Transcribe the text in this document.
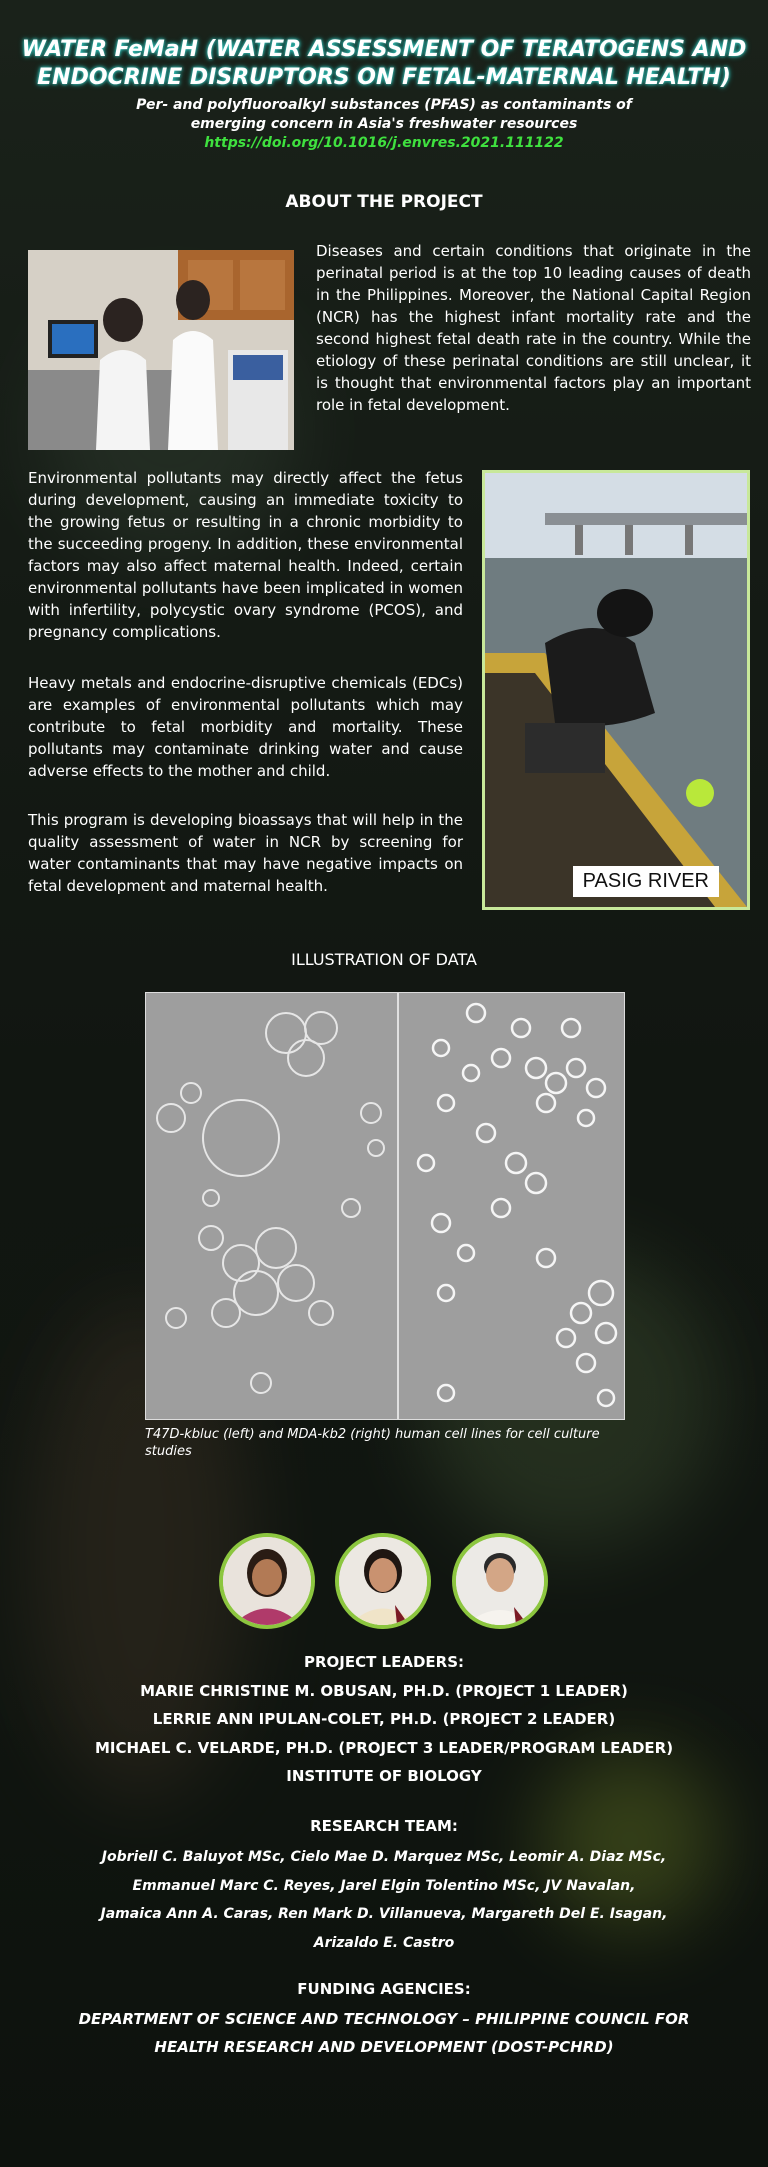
WATER FeMaH (WATER ASSESSMENT OF TERATOGENS AND
ENDOCRINE DISRUPTORS ON FETAL-MATERNAL HEALTH)
Per- and polyfluoroalkyl substances (PFAS) as contaminants of
emerging concern in Asia's freshwater resources
https://doi.org/10.1016/j.envres.2021.111122
ABOUT THE PROJECT
Diseases and certain conditions that originate in the perinatal period is at the top 10 leading causes of death in the Philippines. Moreover, the National Capital Region (NCR) has the highest infant mortality rate and the second highest fetal death rate in the country. While the etiology of these perinatal conditions are still unclear, it is thought that environmental factors play an important role in fetal development.
Environmental pollutants may directly affect the fetus during development, causing an immediate toxicity to the growing fetus or resulting in a chronic morbidity to the succeeding progeny. In addition, these environmental factors may also affect maternal health. Indeed, certain environmental pollutants have been implicated in women with infertility, polycystic ovary syndrome (PCOS), and pregnancy complications.
Heavy metals and endocrine-disruptive chemicals (EDCs) are examples of environmental pollutants which may contribute to fetal morbidity and mortality. These pollutants may contaminate drinking water and cause adverse effects to the mother and child.
This program is developing bioassays that will help in the quality assessment of water in NCR by screening for water contaminants that may have negative impacts on fetal development and maternal health.	PASIG RIVER
ILLUSTRATION OF DATA
T47D-kbluc (left) and MDA-kb2 (right) human cell lines for cell culture studies
PROJECT LEADERS:
MARIE CHRISTINE M. OBUSAN, PH.D. (PROJECT 1 LEADER)
LERRIE ANN IPULAN-COLET, PH.D. (PROJECT 2 LEADER)
MICHAEL C. VELARDE, PH.D. (PROJECT 3 LEADER/PROGRAM LEADER)
INSTITUTE OF BIOLOGY
RESEARCH TEAM:
Jobriell C. Baluyot MSc, Cielo Mae D. Marquez MSc, Leomir A. Diaz MSc,
Emmanuel Marc C. Reyes, Jarel Elgin Tolentino MSc, JV Navalan,
Jamaica Ann A. Caras, Ren Mark D. Villanueva, Margareth Del E. Isagan,
Arizaldo E. Castro
FUNDING AGENCIES:
DEPARTMENT OF SCIENCE AND TECHNOLOGY – PHILIPPINE COUNCIL FOR
HEALTH RESEARCH AND DEVELOPMENT (DOST-PCHRD)
